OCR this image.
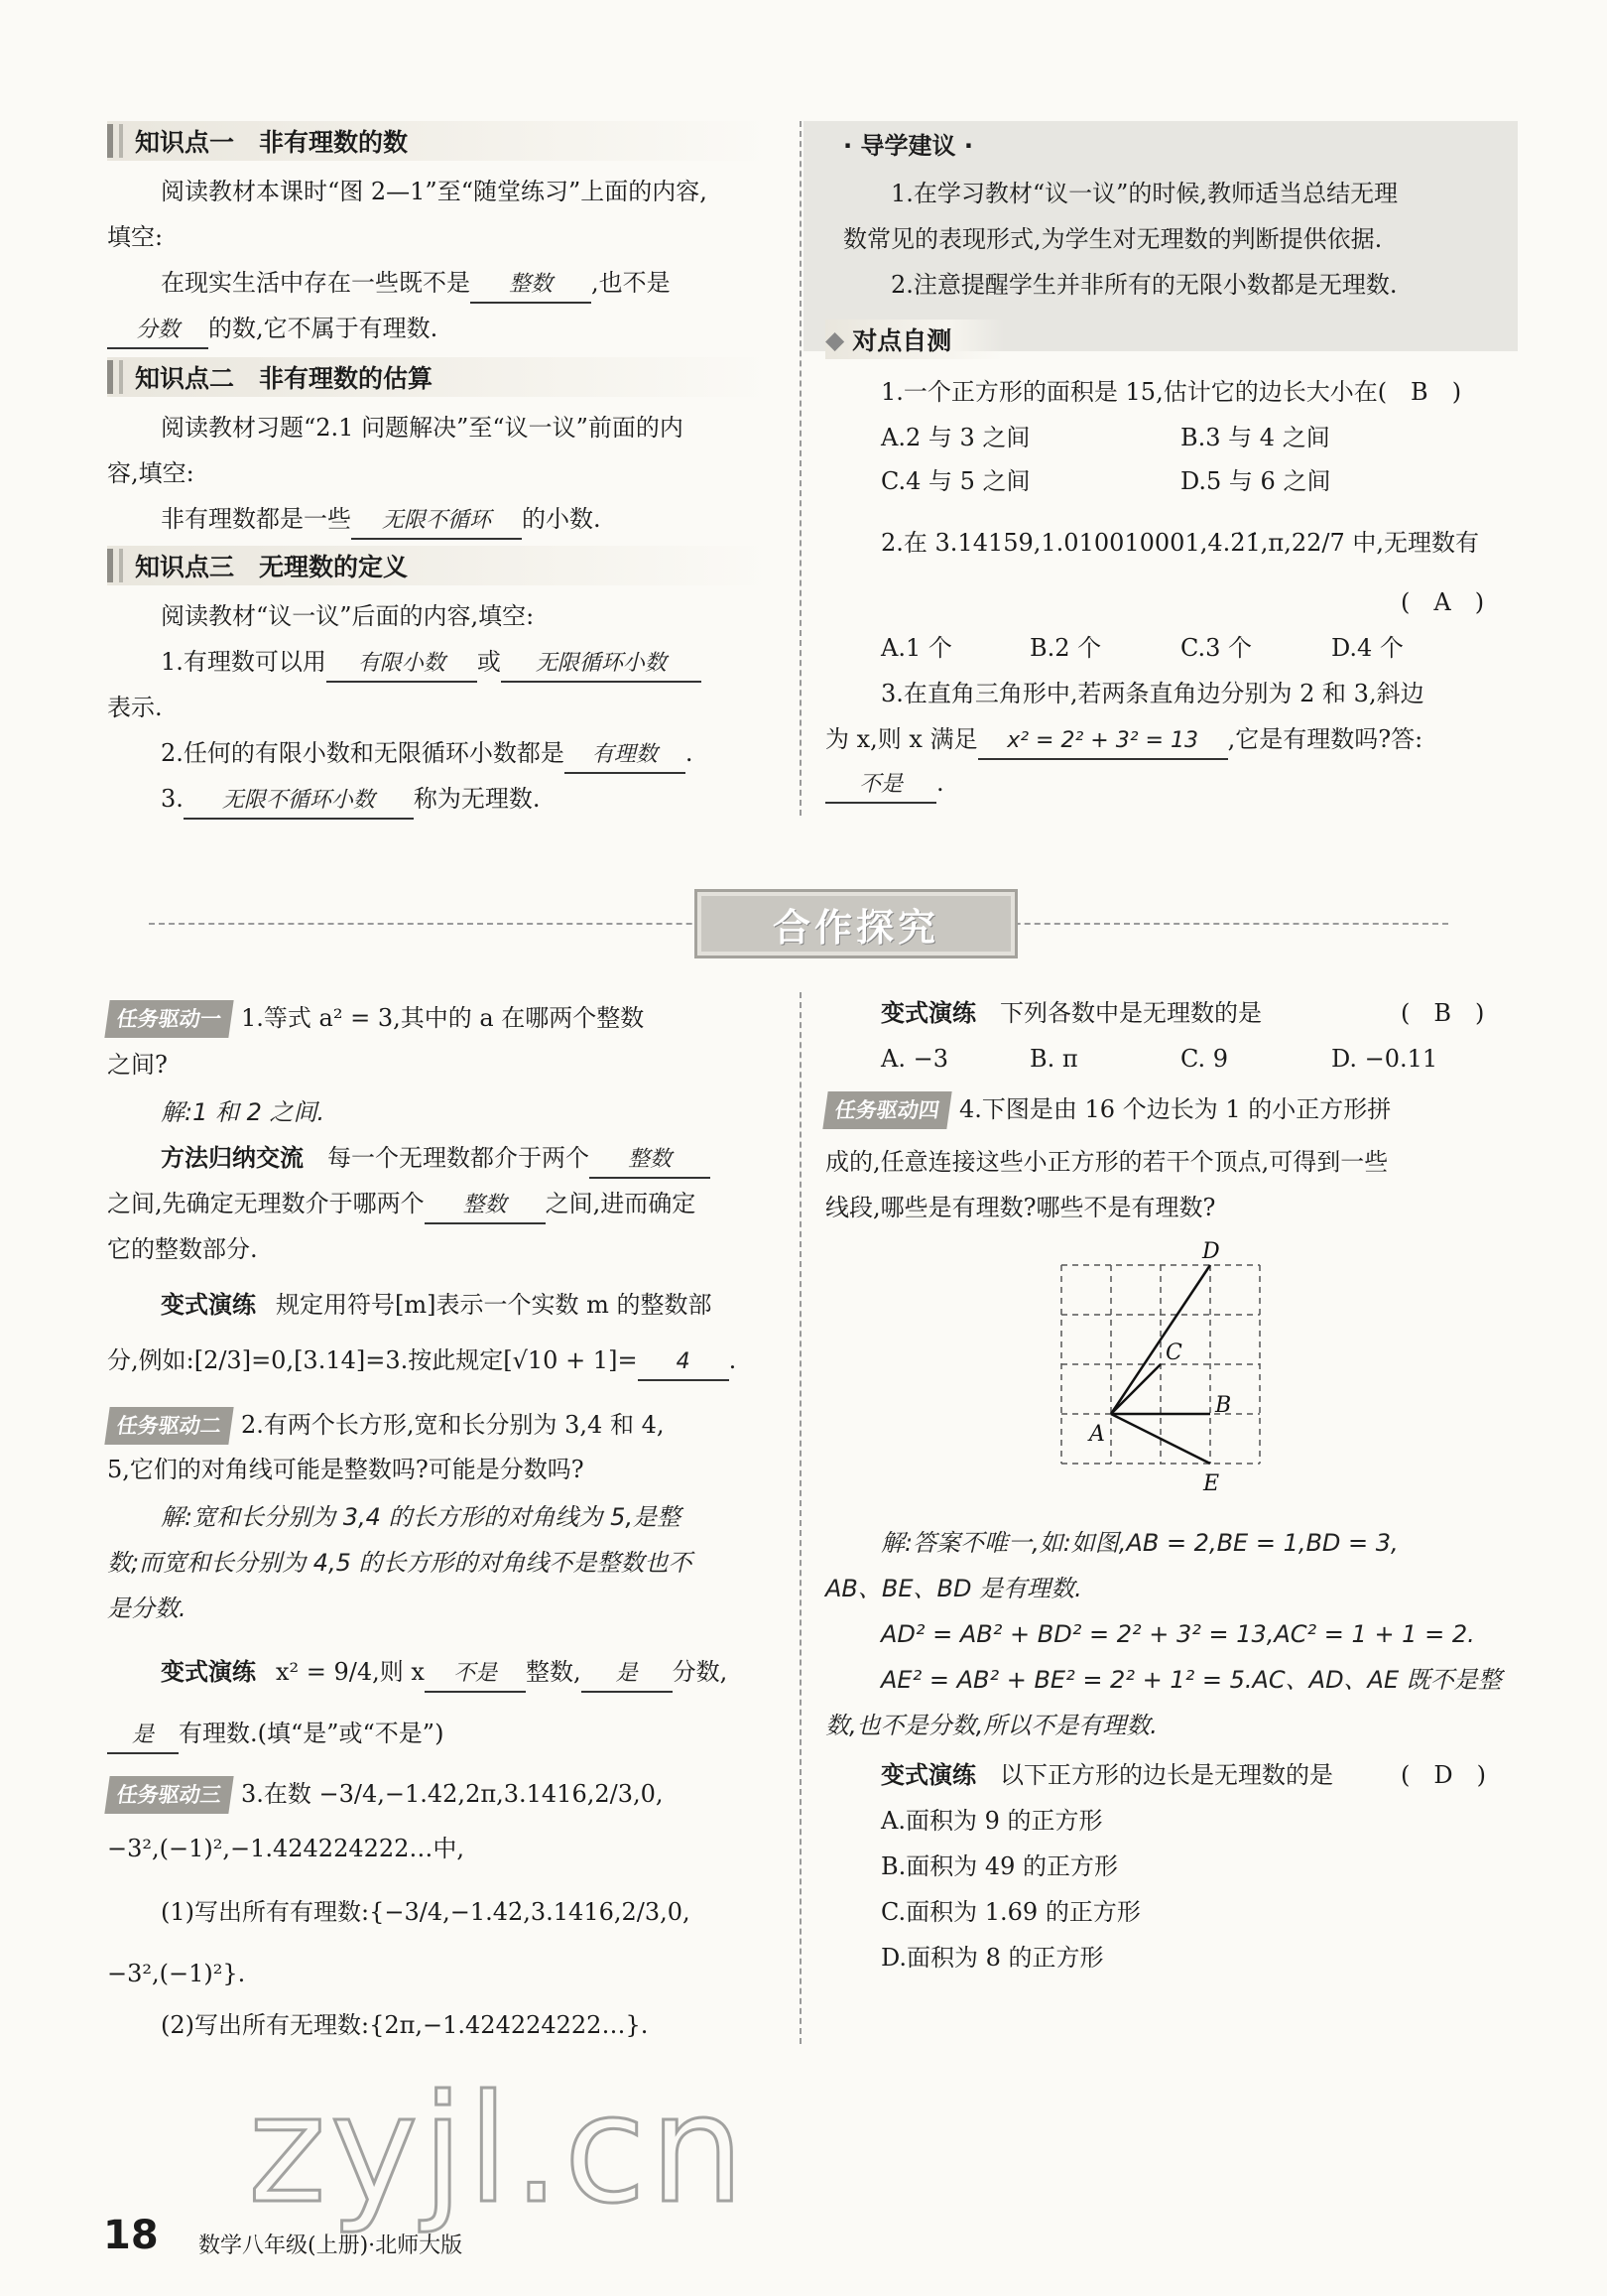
知识点一　非有理数的数
阅读教材本课时“图 2—1”至“随堂练习”上面的内容,
填空:
在现实生活中存在一些既不是 整数 ,也不是
分数 的数,它不属于有理数.
知识点二　非有理数的估算
阅读教材习题“2.1 问题解决”至“议一议”前面的内
容,填空:
非有理数都是一些 无限不循环 的小数.
知识点三　无理数的定义
阅读教材“议一议”后面的内容,填空:
1.有理数可以用 有限小数 或 无限循环小数
表示.
2.任何的有限小数和无限循环小数都是 有理数 .
3. 无限不循环小数 称为无理数.
· 导学建议 ·
1.在学习教材“议一议”的时候,教师适当总结无理
数常见的表现形式,为学生对无理数的判断提供依据.
2.注意提醒学生并非所有的无限小数都是无理数.
◆ 对点自测
1.一个正方形的面积是 15,估计它的边长大小在(　B　)
A.2 与 3 之间	B.3 与 4 之间
C.4 与 5 之间	D.5 与 6 之间
2.在 3.14159,1.010010001,4.2̇1̇,π,22/7 中,无理数有
(　A　)
A.1 个	B.2 个	C.3 个	D.4 个
3.在直角三角形中,若两条直角边分别为 2 和 3,斜边
为 x,则 x 满足 x² = 2² + 3² = 13 ,它是有理数吗?答:
不是 .
合作探究
任务驱动一 1.等式 a² = 3,其中的 a 在哪两个整数
之间?
解:1 和 2 之间.
方法归纳交流 每一个无理数都介于两个 整数
之间,先确定无理数介于哪两个 整数 之间,进而确定
它的整数部分.
变式演练 规定用符号[m]表示一个实数 m 的整数部
分,例如:[2/3]=0,[3.14]=3.按此规定[√10 + 1]= 4 .
任务驱动二 2.有两个长方形,宽和长分别为 3,4 和 4,
5,它们的对角线可能是整数吗?可能是分数吗?
解:宽和长分别为 3,4 的长方形的对角线为 5,是整
数;而宽和长分别为 4,5 的长方形的对角线不是整数也不
是分数.
变式演练 x² = 9/4,则 x 不是 整数, 是 分数,
是 有理数.(填“是”或“不是”)
任务驱动三 3.在数 −3/4,−1.4̇2̇,2π,3.1416,2/3,0,
−3²,(−1)²,−1.424224222…中,
(1)写出所有有理数:{−3/4,−1.4̇2̇,3.1416,2/3,0,
−3²,(−1)²}.
(2)写出所有无理数:{2π,−1.424224222…}.
变式演练 下列各数中是无理数的是	(　B　)
A. −3	B. π	C. 9	D. −0.11
任务驱动四 4.下图是由 16 个边长为 1 的小正方形拼
成的,任意连接这些小正方形的若干个顶点,可得到一些
线段,哪些是有理数?哪些不是有理数?
D
C
B
A
E
解:答案不唯一,如:如图,AB = 2,BE = 1,BD = 3,
AB、BE、BD 是有理数.
AD² = AB² + BD² = 2² + 3² = 13,AC² = 1 + 1 = 2.
AE² = AB² + BE² = 2² + 1² = 5.AC、AD、AE 既不是整
数,也不是分数,所以不是有理数.
变式演练 以下正方形的边长是无理数的是	(　D　)
A.面积为 9 的正方形
B.面积为 49 的正方形
C.面积为 1.69 的正方形
D.面积为 8 的正方形
zyjl.cn
18 数学八年级(上册)·北师大版
